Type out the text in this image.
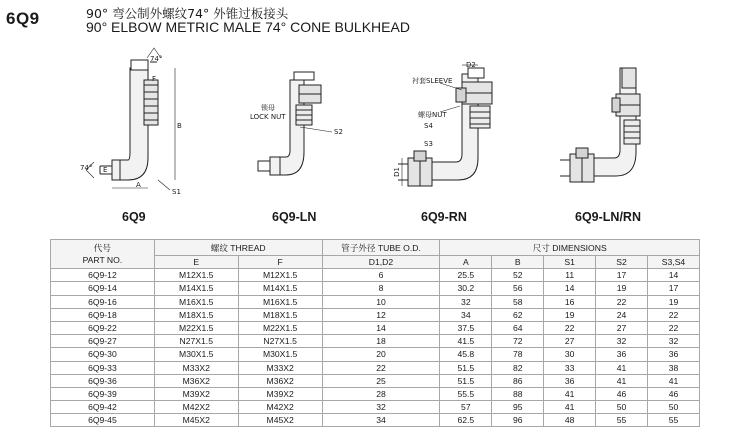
6Q9	90° 弯公制外螺纹74° 外锥过板接头
90° ELBOW METRIC MALE 74° CONE BULKHEAD
74°
F
B
74° E
A
S1
锁母
LOCK NUT
S2
D2
衬套SLEEVE
螺母NUT
S4
S3
D1
6Q9	6Q9-LN	6Q9-RN	6Q9-LN/RN
代号
PART NO.	螺纹 THREAD		管子外径 TUBE O.D.	尺寸 DIMENSIONS				
	E	F	D1,D2	A	B	S1	S2	S3,S4
6Q9-12	M12X1.5	M12X1.5	6	25.5	52	11	17	14
6Q9-14	M14X1.5	M14X1.5	8	30.2	56	14	19	17
6Q9-16	M16X1.5	M16X1.5	10	32	58	16	22	19
6Q9-18	M18X1.5	M18X1.5	12	34	62	19	24	22
6Q9-22	M22X1.5	M22X1.5	14	37.5	64	22	27	22
6Q9-27	N27X1.5	N27X1.5	18	41.5	72	27	32	32
6Q9-30	M30X1.5	M30X1.5	20	45.8	78	30	36	36
6Q9-33	M33X2	M33X2	22	51.5	82	33	41	38
6Q9-36	M36X2	M36X2	25	51.5	86	36	41	41
6Q9-39	M39X2	M39X2	28	55.5	88	41	46	46
6Q9-42	M42X2	M42X2	32	57	95	41	50	50
6Q9-45	M45X2	M45X2	34	62.5	96	48	55	55
